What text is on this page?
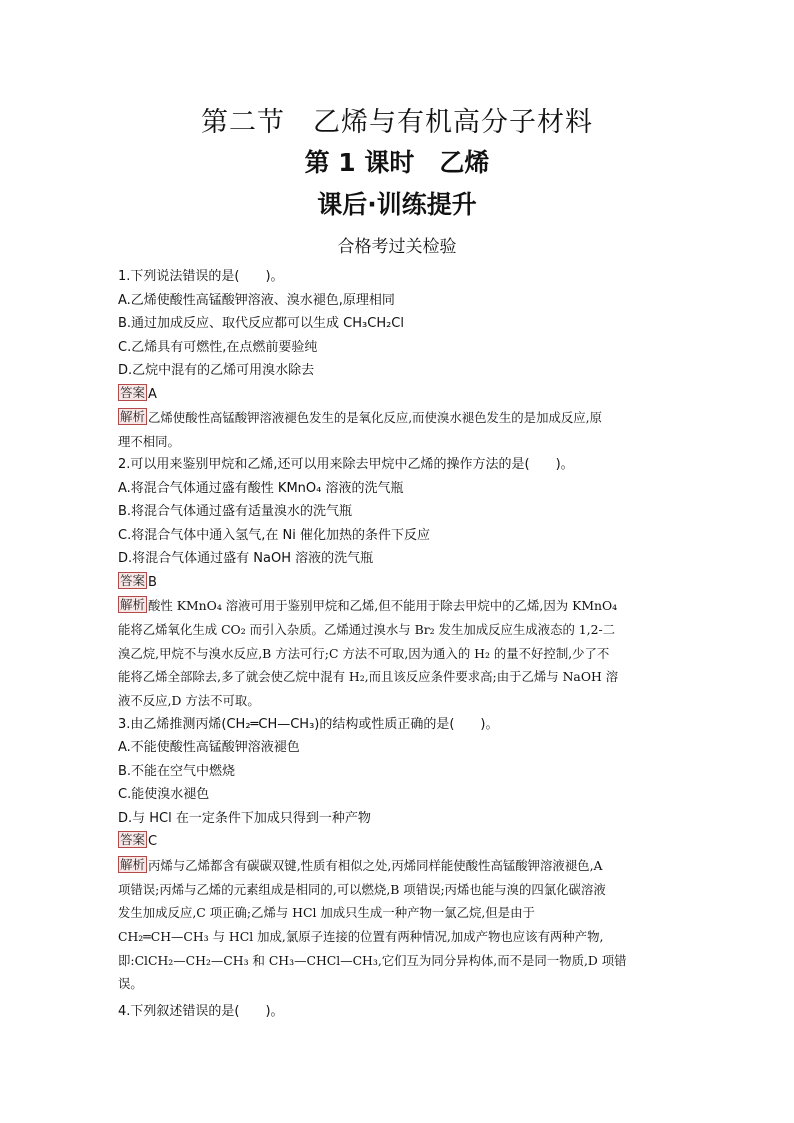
第二节　乙烯与有机高分子材料
第 1 课时　乙烯
课后·训练提升
合格考过关检验
1.下列说法错误的是(　　)。
A.乙烯使酸性高锰酸钾溶液、溴水褪色,原理相同
B.通过加成反应、取代反应都可以生成 CH₃CH₂Cl
C.乙烯具有可燃性,在点燃前要验纯
D.乙烷中混有的乙烯可用溴水除去
答案 A
解析 乙烯使酸性高锰酸钾溶液褪色发生的是氧化反应,而使溴水褪色发生的是加成反应,原
理不相同。
2.可以用来鉴别甲烷和乙烯,还可以用来除去甲烷中乙烯的操作方法的是(　　)。
A.将混合气体通过盛有酸性 KMnO₄ 溶液的洗气瓶
B.将混合气体通过盛有适量溴水的洗气瓶
C.将混合气体中通入氢气,在 Ni 催化加热的条件下反应
D.将混合气体通过盛有 NaOH 溶液的洗气瓶
答案 B
解析 酸性 KMnO₄ 溶液可用于鉴别甲烷和乙烯,但不能用于除去甲烷中的乙烯,因为 KMnO₄
能将乙烯氧化生成 CO₂ 而引入杂质。乙烯通过溴水与 Br₂ 发生加成反应生成液态的 1,2-二
溴乙烷,甲烷不与溴水反应,B 方法可行;C 方法不可取,因为通入的 H₂ 的量不好控制,少了不
能将乙烯全部除去,多了就会使乙烷中混有 H₂,而且该反应条件要求高;由于乙烯与 NaOH 溶
液不反应,D 方法不可取。
3.由乙烯推测丙烯(CH₂═CH—CH₃)的结构或性质正确的是(　　)。
A.不能使酸性高锰酸钾溶液褪色
B.不能在空气中燃烧
C.能使溴水褪色
D.与 HCl 在一定条件下加成只得到一种产物
答案 C
解析 丙烯与乙烯都含有碳碳双键,性质有相似之处,丙烯同样能使酸性高锰酸钾溶液褪色,A
项错误;丙烯与乙烯的元素组成是相同的,可以燃烧,B 项错误;丙烯也能与溴的四氯化碳溶液
发生加成反应,C 项正确;乙烯与 HCl 加成只生成一种产物一氯乙烷,但是由于
CH₂═CH—CH₃ 与 HCl 加成,氯原子连接的位置有两种情况,加成产物也应该有两种产物,
即:ClCH₂—CH₂—CH₃ 和 CH₃—CHCl—CH₃,它们互为同分异构体,而不是同一物质,D 项错
误。
4.下列叙述错误的是(　　)。
